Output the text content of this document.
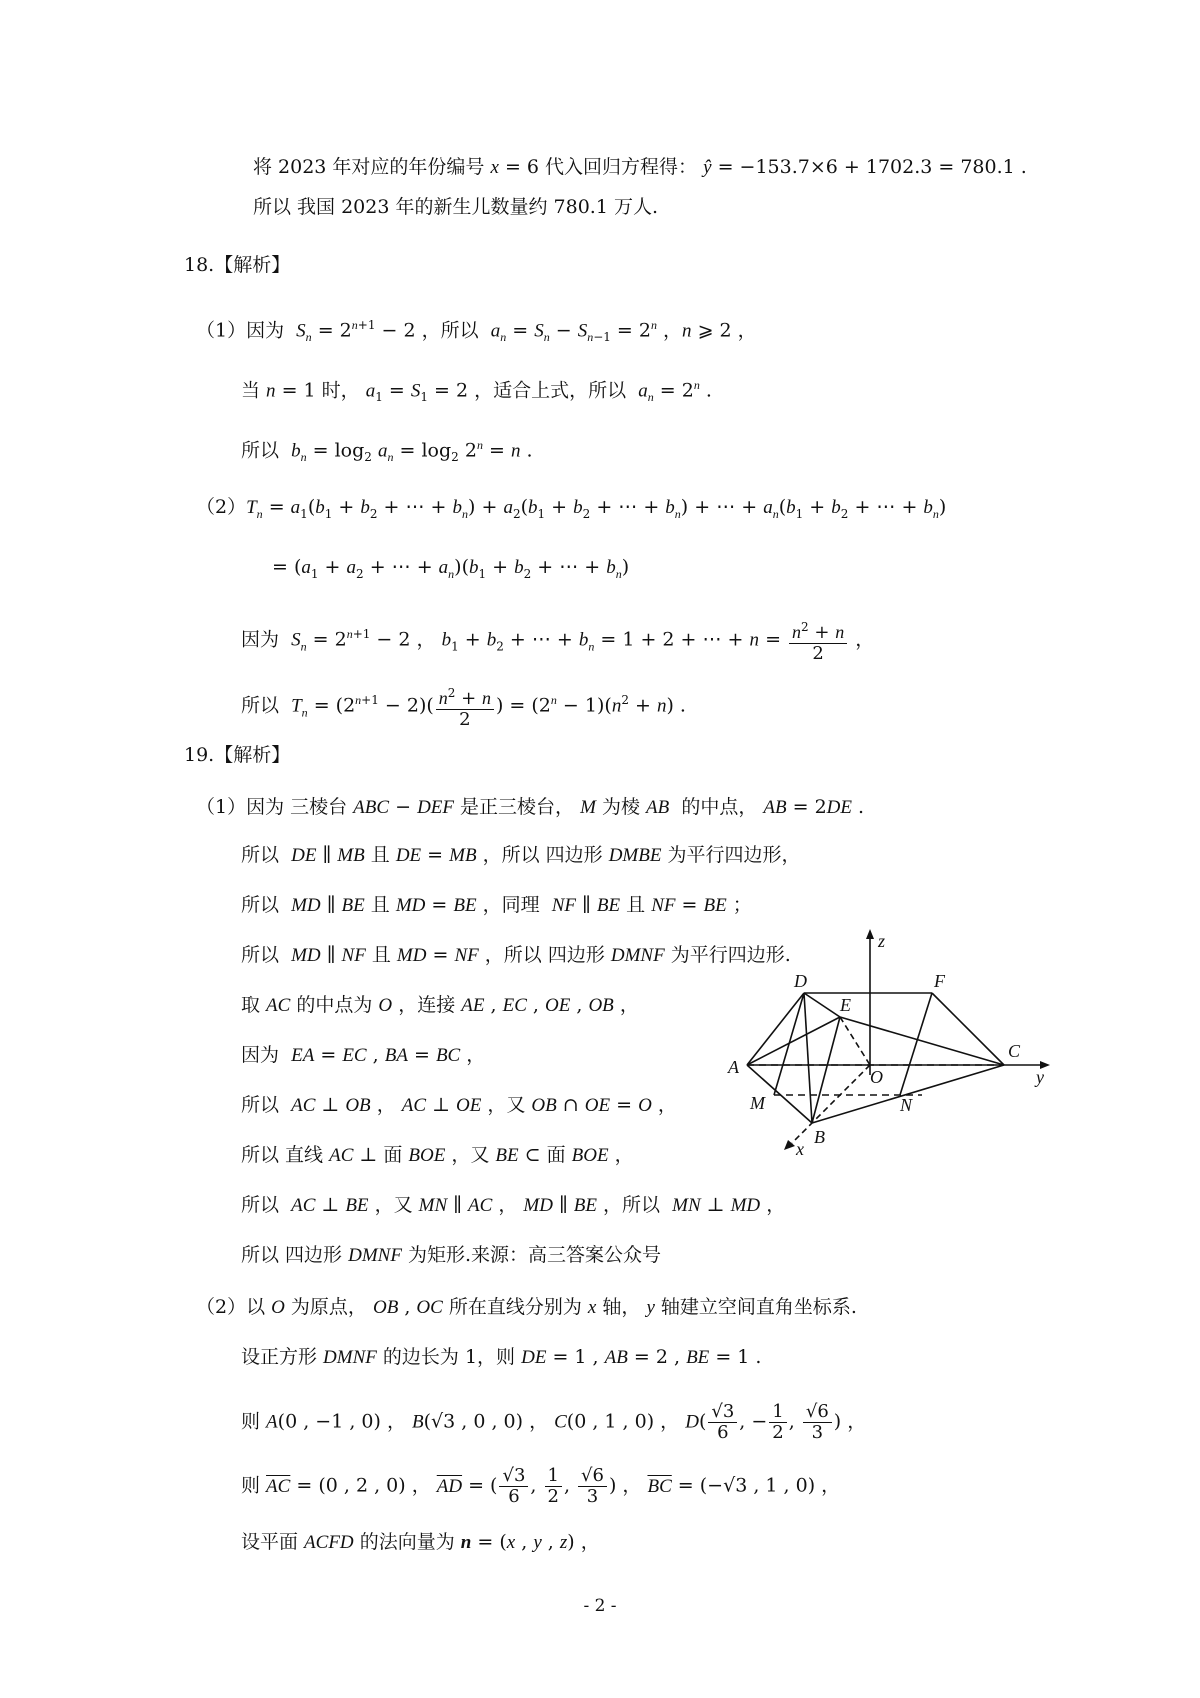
将 2023 年对应的年份编号 x = 6 代入回归方程得： ŷ = −153.7×6 + 1702.3 = 780.1 .
所以 我国 2023 年的新生儿数量约 780.1 万人.
18.【解析】
（1）因为  $S_n = 2^{n+1} - 2$ ，所以  $a_n = S_n - S_{n-1} = 2^n$ ，n ⩾ 2 ，
当 n = 1 时， $a_1 = S_1 = 2$ ，适合上式，所以  $a_n = 2^n$ .
所以  $b_n = \log_2 a_n = \log_2 2^n = n$ .
$(2)T_n = a_1(b_1 + b_2$ + ⋯ + $b_n) + a_2(b_1 + b_2$ + ⋯ + $b_n$) + ⋯ + $a_n(b_1 + b_2$ + ⋯ + $b_n$)
= ($a_1 + a_2$ + ⋯ + $a_n)(b_1 + b_2$ + ⋯ + $b_n$)
因为  $S_n = 2^{n+1} - 2$ ， $b_1 + b_2$ + ⋯ + $b_n = 1 + 2$ + ⋯ + $n = \frac{n^2 + n}{2}$ ，
所以  $T_n = (2^{n+1} - 2)( \frac{n^2 + n}{2}$ ) = $(2^n - 1)(n^2 + n)$ .
19.【解析】
（1）因为 三棱台 ABC − DEF 是正三棱台， M 为棱 AB  的中点， AB = 2DE .
所以  DE ∥ MB 且 DE = MB ，所以 四边形 DMBE 为平行四边形，
所以  MD ∥ BE 且 MD = BE ，同理  NF ∥ BE 且 NF = BE ；
所以  MD ∥ NF 且 MD = NF ，所以 四边形 DMNF 为平行四边形.
取 AC 的中点为 O ，连接 AE , EC , OE , OB ，
因为  EA = EC , BA = BC ，
所以  AC ⊥ OB ， AC ⊥ OE ，又 OB ∩ OE = O ，
所以 直线 AC ⊥ 面 BOE ，又 BE ⊂ 面 BOE ，
所以  AC ⊥ BE ，又 MN ∥ AC ， MD ∥ BE ，所以  MN ⊥ MD ，
所以 四边形 DMNF 为矩形.来源：高三答案公众号
（2）以 O 为原点， OB , OC 所在直线分别为 x 轴， y 轴建立空间直角坐标系.
设正方形 DMNF 的边长为 1，则 DE = 1 , AB = 2 , BE = 1 .
则 A(0 , −1 , 0) ， B(√3 , 0 , 0) ， C(0 , 1 , 0) ， $D( \frac{√3}{6}$ , − $\frac{1}{2}$ , $\frac{√6}{3}$ ) ，
则 $\overline{AC} = (0$ , 2 , 0) ， $\overline{AD}$ = ( $\frac{√3}{6}$ , $\frac{1}{2}$ , $\frac{√6}{3}$ ) ， $\overline{BC} = (-√3$ , 1 , 0) ，
设平面 ACFD 的法向量为 n = (x , y , z) ，
A
D	F
E
C
O
M	N
B
x
y
z
- 2 -
